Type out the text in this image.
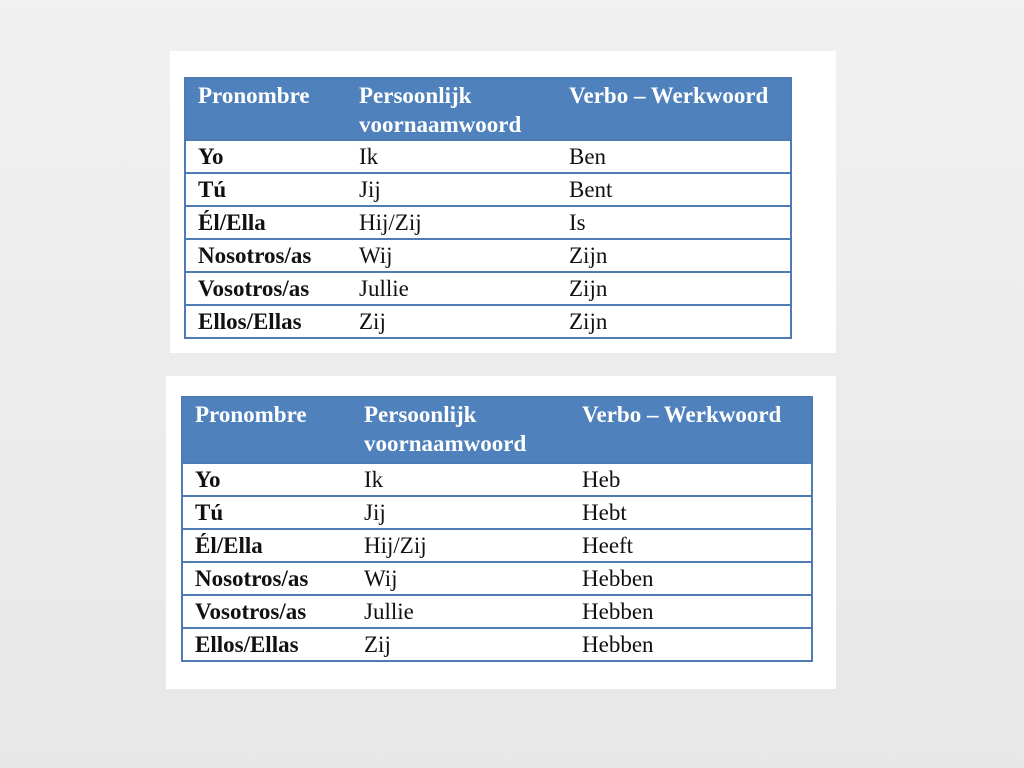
Pronombre	Persoonlijk voornaamwoord	Verbo – Werkwoord
Yo	Ik	Ben
Tú	Jij	Bent
Él/Ella	Hij/Zij	Is
Nosotros/as	Wij	Zijn
Vosotros/as	Jullie	Zijn
Ellos/Ellas	Zij	Zijn
Pronombre	Persoonlijk voornaamwoord	Verbo – Werkwoord
Yo	Ik	Heb
Tú	Jij	Hebt
Él/Ella	Hij/Zij	Heeft
Nosotros/as	Wij	Hebben
Vosotros/as	Jullie	Hebben
Ellos/Ellas	Zij	Hebben
